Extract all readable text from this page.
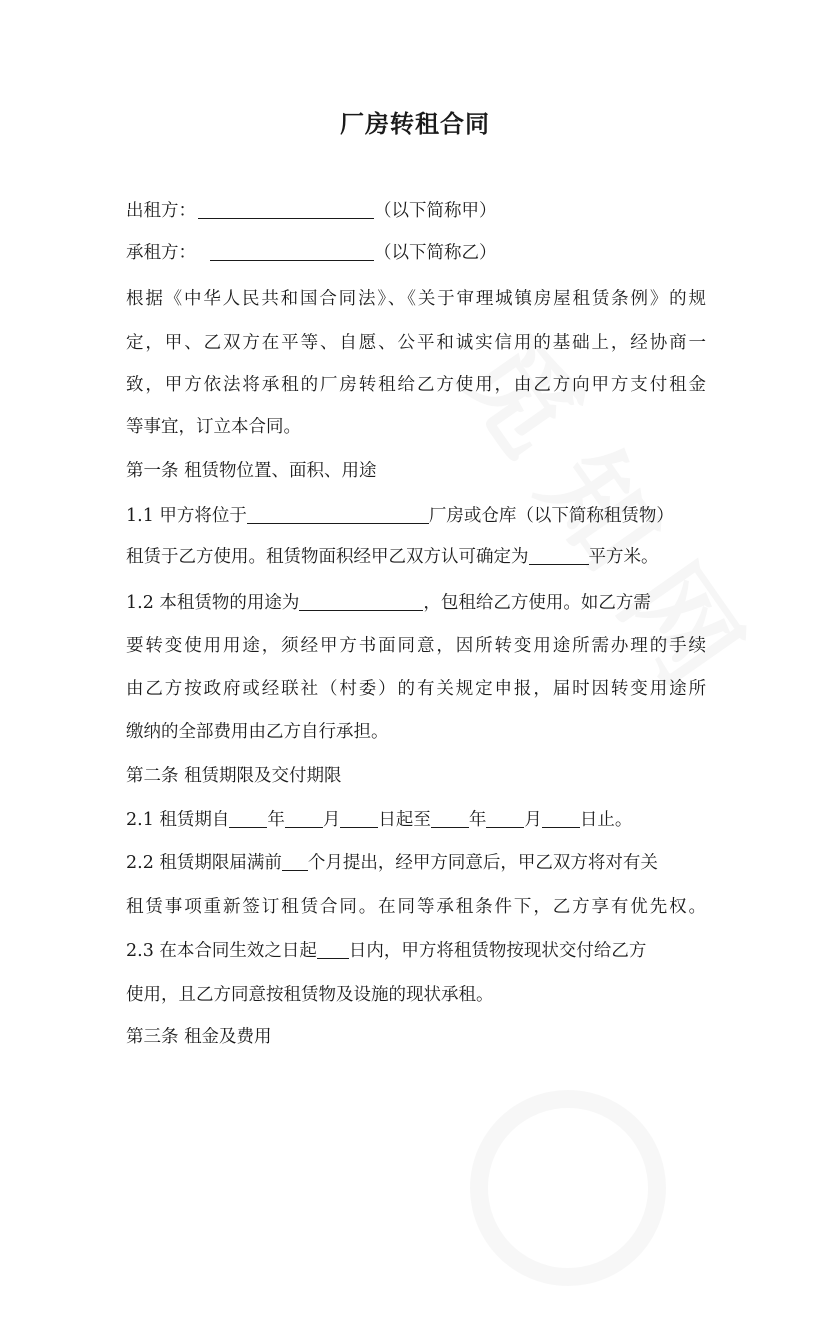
厂房转租合同
出租方：	（以下简称甲）
承租方：	（以下简称乙）
根据《中华人民共和国合同法》、《关于审理城镇房屋租赁条例》的规
定，甲、乙双方在平等、自愿、公平和诚实信用的基础上，经协商一
致，甲方依法将承租的厂房转租给乙方使用，由乙方向甲方支付租金
等事宜，订立本合同。
第一条 租赁物位置、面积、用途
1.1 甲方将位于	厂房或仓库（以下简称租赁物）
租赁于乙方使用。租赁物面积经甲乙双方认可确定为	平方米。
1.2 本租赁物的用途为	，包租给乙方使用。如乙方需
要转变使用用途，须经甲方书面同意，因所转变用途所需办理的手续
由乙方按政府或经联社（村委）的有关规定申报，届时因转变用途所
缴纳的全部费用由乙方自行承担。
第二条 租赁期限及交付期限
2.1 租赁期自 年 月 日起至 年 月 日止。
2.2 租赁期限届满前 个月提出，经甲方同意后，甲乙双方将对有关
租赁事项重新签订租赁合同。在同等承租条件下，乙方享有优先权。
2.3 在本合同生效之日起 日内，甲方将租赁物按现状交付给乙方
使用，且乙方同意按租赁物及设施的现状承租。
第三条 租金及费用
